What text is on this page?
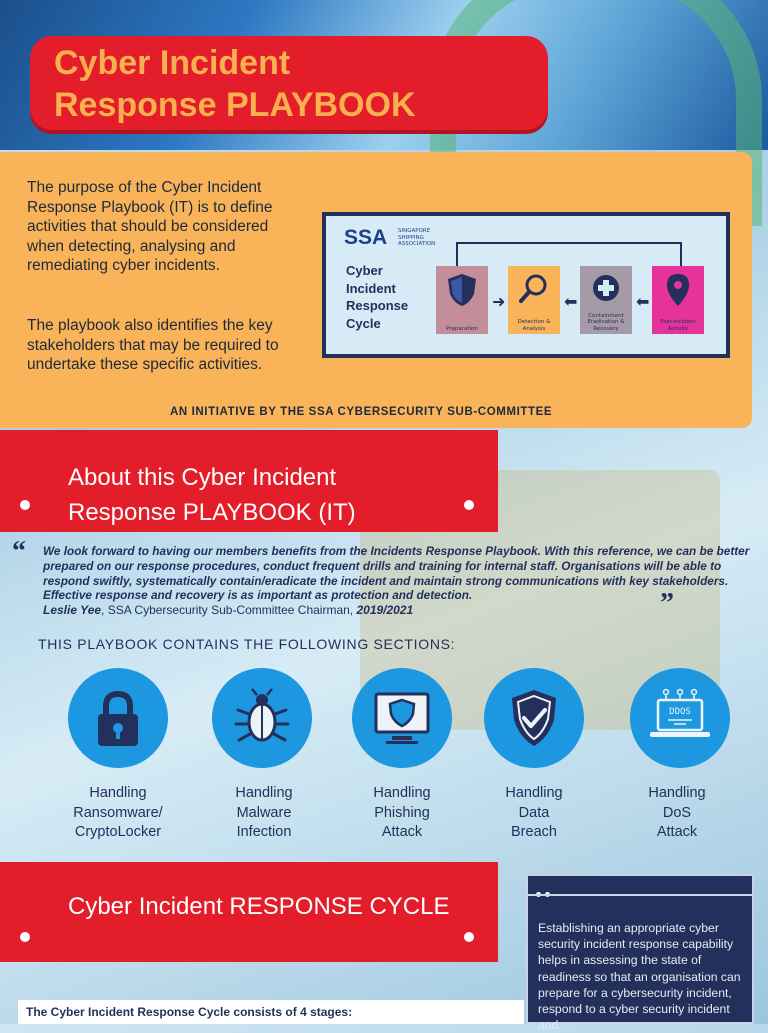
Cyber Incident
Response PLAYBOOK
The purpose of the Cyber Incident Response Playbook (IT) is to define activities that should be considered when detecting, analysing and remediating cyber incidents.
The playbook also identifies the key stakeholders that may be required to undertake these specific activities.
SSA SINGAPORE SHIPPING ASSOCIATION
Cyber Incident Response Cycle	Preparation
➜
Detection & Analysis
⬅
Containment Eradication & Recovery
⬅
Post-Incident Activity
AN INITIATIVE BY THE SSA CYBERSECURITY SUB-COMMITTEE
About this Cyber Incident
Response PLAYBOOK (IT)
“ We look forward to having our members benefits from the Incidents Response Playbook. With this reference, we can be better prepared on our response procedures, conduct frequent drills and training for internal staff. Organisations will be able to respond swiftly, systematically contain/eradicate the incident and maintain strong communications with key stakeholders. Effective response and recovery is as important as protection and detection.
Leslie Yee, SSA Cybersecurity Sub-Committee Chairman, 2019/2021	”
THIS PLAYBOOK CONTAINS THE FOLLOWING SECTIONS:
DDOS
Handling
Ransomware/
CryptoLocker
Handling
Malware
Infection
Handling
Phishing
Attack
Handling
Data
Breach
Handling
DoS
Attack
Cyber Incident RESPONSE CYCLE
Establishing an appropriate cyber security incident response capability helps in assessing the state of readiness so that an organisation can prepare for a cybersecurity incident, respond to a cyber security incident and
The Cyber Incident Response Cycle consists of 4 stages:
